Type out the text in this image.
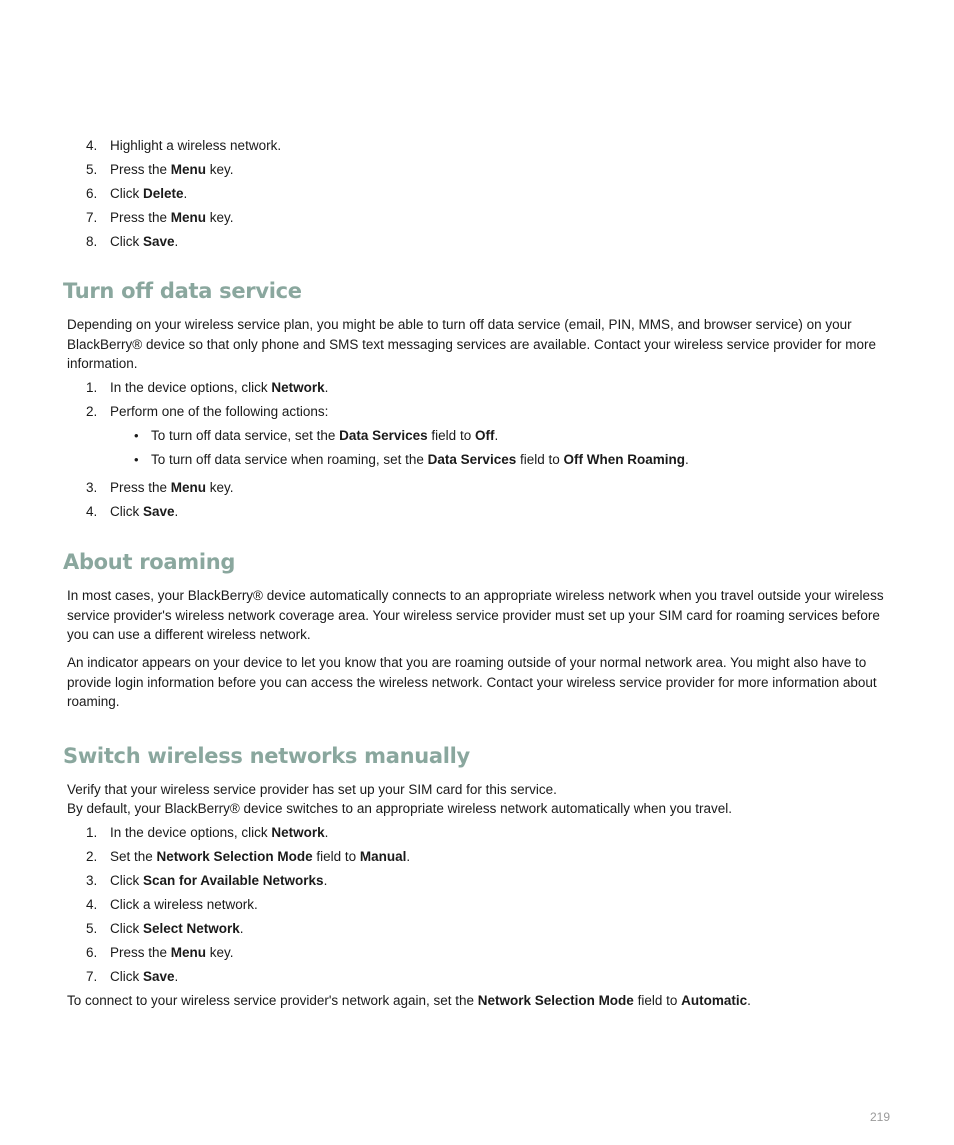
4. Highlight a wireless network.
5. Press the Menu key.
6. Click Delete.
7. Press the Menu key.
8. Click Save.
Turn off data service

Depending on your wireless service plan, you might be able to turn off data service (email, PIN, MMS, and browser service) on your BlackBerry® device so that only phone and SMS text messaging services are available. Contact your wireless service provider for more information.

1. In the device options, click Network.
2. Perform one of the following actions:
• To turn off data service, set the Data Services field to Off.
• To turn off data service when roaming, set the Data Services field to Off When Roaming.
3. Press the Menu key.
4. Click Save.
About roaming

In most cases, your BlackBerry® device automatically connects to an appropriate wireless network when you travel outside your wireless service provider's wireless network coverage area. Your wireless service provider must set up your SIM card for roaming services before you can use a different wireless network.

An indicator appears on your device to let you know that you are roaming outside of your normal network area. You might also have to provide login information before you can access the wireless network. Contact your wireless service provider for more information about roaming.

Switch wireless networks manually

Verify that your wireless service provider has set up your SIM card for this service.

By default, your BlackBerry® device switches to an appropriate wireless network automatically when you travel.

1. In the device options, click Network.
2. Set the Network Selection Mode field to Manual.
3. Click Scan for Available Networks.
4. Click a wireless network.
5. Click Select Network.
6. Press the Menu key.
7. Click Save.

To connect to your wireless service provider's network again, set the Network Selection Mode field to Automatic.

219
